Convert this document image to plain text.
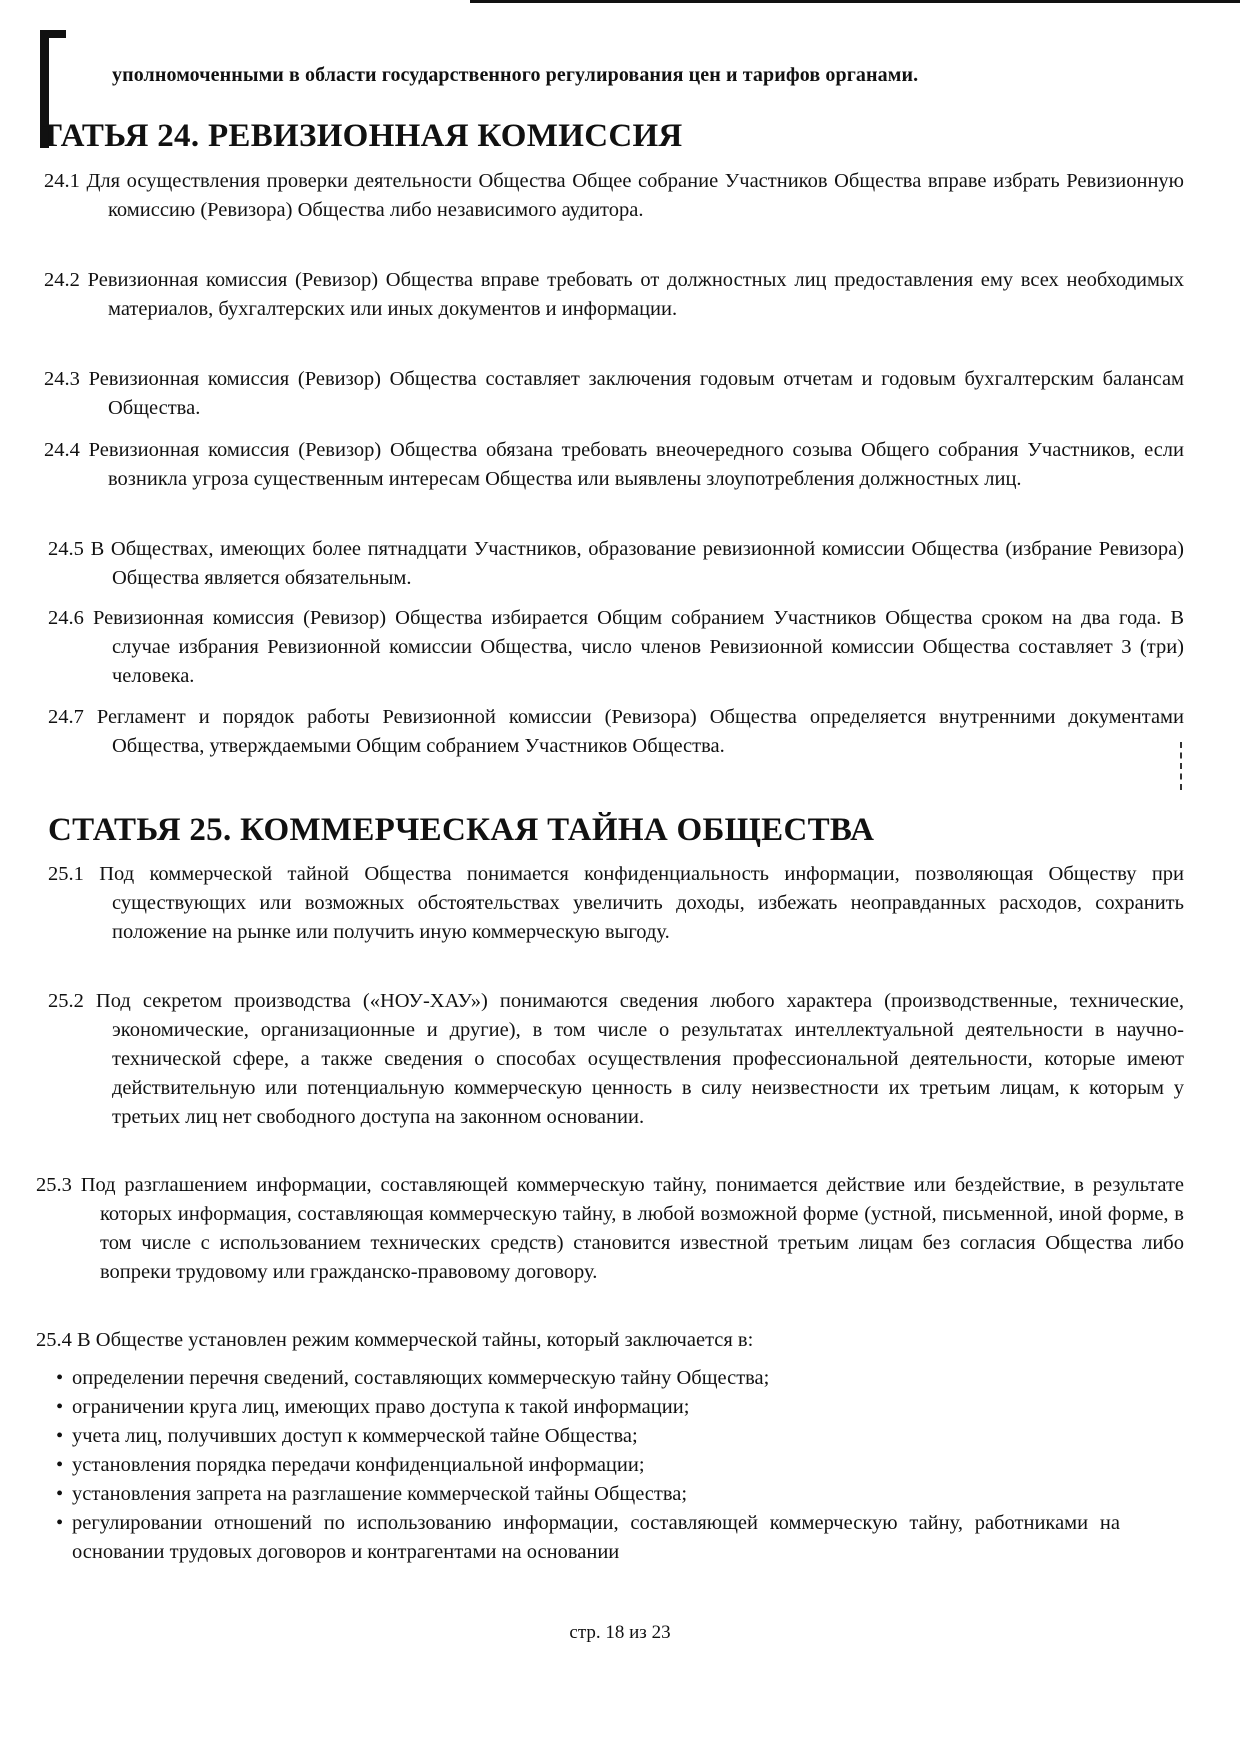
уполномоченными в области государственного регулирования цен и тарифов органами.
ТАТЬЯ 24. РЕВИЗИОННАЯ КОМИССИЯ
24.1 Для осуществления проверки деятельности Общества Общее собрание Участников Общества вправе избрать Ревизионную комиссию (Ревизора) Общества либо независимого аудитора.
24.2 Ревизионная комиссия (Ревизор) Общества вправе требовать от должностных лиц предоставления ему всех необходимых материалов, бухгалтерских или иных документов и информации.
24.3 Ревизионная комиссия (Ревизор) Общества составляет заключения годовым отчетам и годовым бухгалтерским балансам Общества.
24.4 Ревизионная комиссия (Ревизор) Общества обязана требовать внеочередного созыва Общего собрания Участников, если возникла угроза существенным интересам Общества или выявлены злоупотребления должностных лиц.
24.5 В Обществах, имеющих более пятнадцати Участников, образование ревизионной комиссии Общества (избрание Ревизора) Общества является обязательным.
24.6 Ревизионная комиссия (Ревизор) Общества избирается Общим собранием Участников Общества сроком на два года. В случае избрания Ревизионной комиссии Общества, число членов Ревизионной комиссии Общества составляет 3 (три) человека.
24.7 Регламент и порядок работы Ревизионной комиссии (Ревизора) Общества определяется внутренними документами Общества, утверждаемыми Общим собранием Участников Общества.
СТАТЬЯ 25. КОММЕРЧЕСКАЯ ТАЙНА ОБЩЕСТВА
25.1 Под коммерческой тайной Общества понимается конфиденциальность информации, позволяющая Обществу при существующих или возможных обстоятельствах увеличить доходы, избежать неоправданных расходов, сохранить положение на рынке или получить иную коммерческую выгоду.
25.2 Под секретом производства («НОУ-ХАУ») понимаются сведения любого характера (производственные, технические, экономические, организационные и другие), в том числе о результатах интеллектуальной деятельности в научно-технической сфере, а также сведения о способах осуществления профессиональной деятельности, которые имеют действительную или потенциальную коммерческую ценность в силу неизвестности их третьим лицам, к которым у третьих лиц нет свободного доступа на законном основании.
25.3 Под разглашением информации, составляющей коммерческую тайну, понимается действие или бездействие, в результате которых информация, составляющая коммерческую тайну, в любой возможной форме (устной, письменной, иной форме, в том числе с использованием технических средств) становится известной третьим лицам без согласия Общества либо вопреки трудовому или гражданско-правовому договору.
25.4 В Обществе установлен режим коммерческой тайны, который заключается в:
• определении перечня сведений, составляющих коммерческую тайну Общества;
• ограничении круга лиц, имеющих право доступа к такой информации;
• учета лиц, получивших доступ к коммерческой тайне Общества;
• установления порядка передачи конфиденциальной информации;
• установления запрета на разглашение коммерческой тайны Общества;
• регулировании отношений по использованию информации, составляющей коммерческую тайну, работниками на основании трудовых договоров и контрагентами на основании
стр. 18 из 23
